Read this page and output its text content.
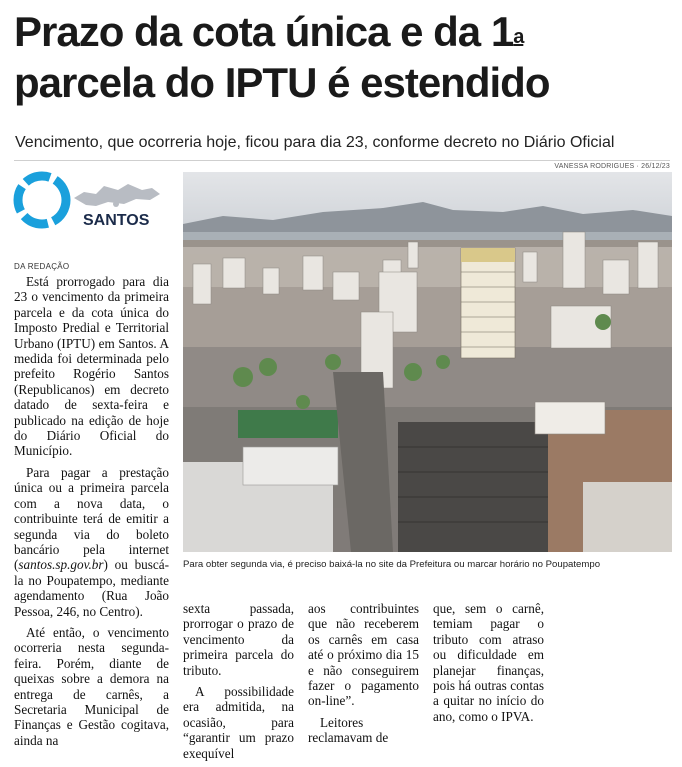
Prazo da cota única e da 1$^a$
parcela do IPTU é estendido

Vencimento, que ocorreria hoje, ficou para dia 23, conforme decreto no Diário Oficial

VANESSA RODRIGUES · 26/12/23
SANTOS
DA REDAÇÃO

Está prorrogado para dia 23 o vencimento da primeira parcela e da cota única do Imposto Predial e Territorial Urbano (IPTU) em Santos. A medida foi determinada pelo prefeito Rogério Santos (Republicanos) em decreto datado de sexta-feira e publicado na edição de hoje do Diário Oficial do Município.

Para pagar a prestação única ou a primeira parcela com a nova data, o contribuinte terá de emitir a segunda via do boleto bancário pela internet (santos.sp.gov.br) ou buscá-la no Poupatempo, mediante agendamento (Rua João Pessoa, 246, no Centro).

Até então, o vencimento ocorreria nesta segunda-feira. Porém, diante de queixas sobre a demora na entrega de carnês, a Secretaria Municipal de Finanças e Gestão cogitava, ainda na

Para obter segunda via, é preciso baixá-la no site da Prefeitura ou marcar horário no Poupatempo

sexta passada, prorrogar o prazo de vencimento da primeira parcela do tributo.

A possibilidade era admitida, na ocasião, para “garantir um prazo exequível

aos contribuintes que não receberem os carnês em casa até o próximo dia 15 e não conseguirem fazer o pagamento on-line”.

Leitores reclamavam de

que, sem o carnê, temiam pagar o tributo com atraso ou dificuldade em planejar finanças, pois há outras contas a quitar no início do ano, como o IPVA.
